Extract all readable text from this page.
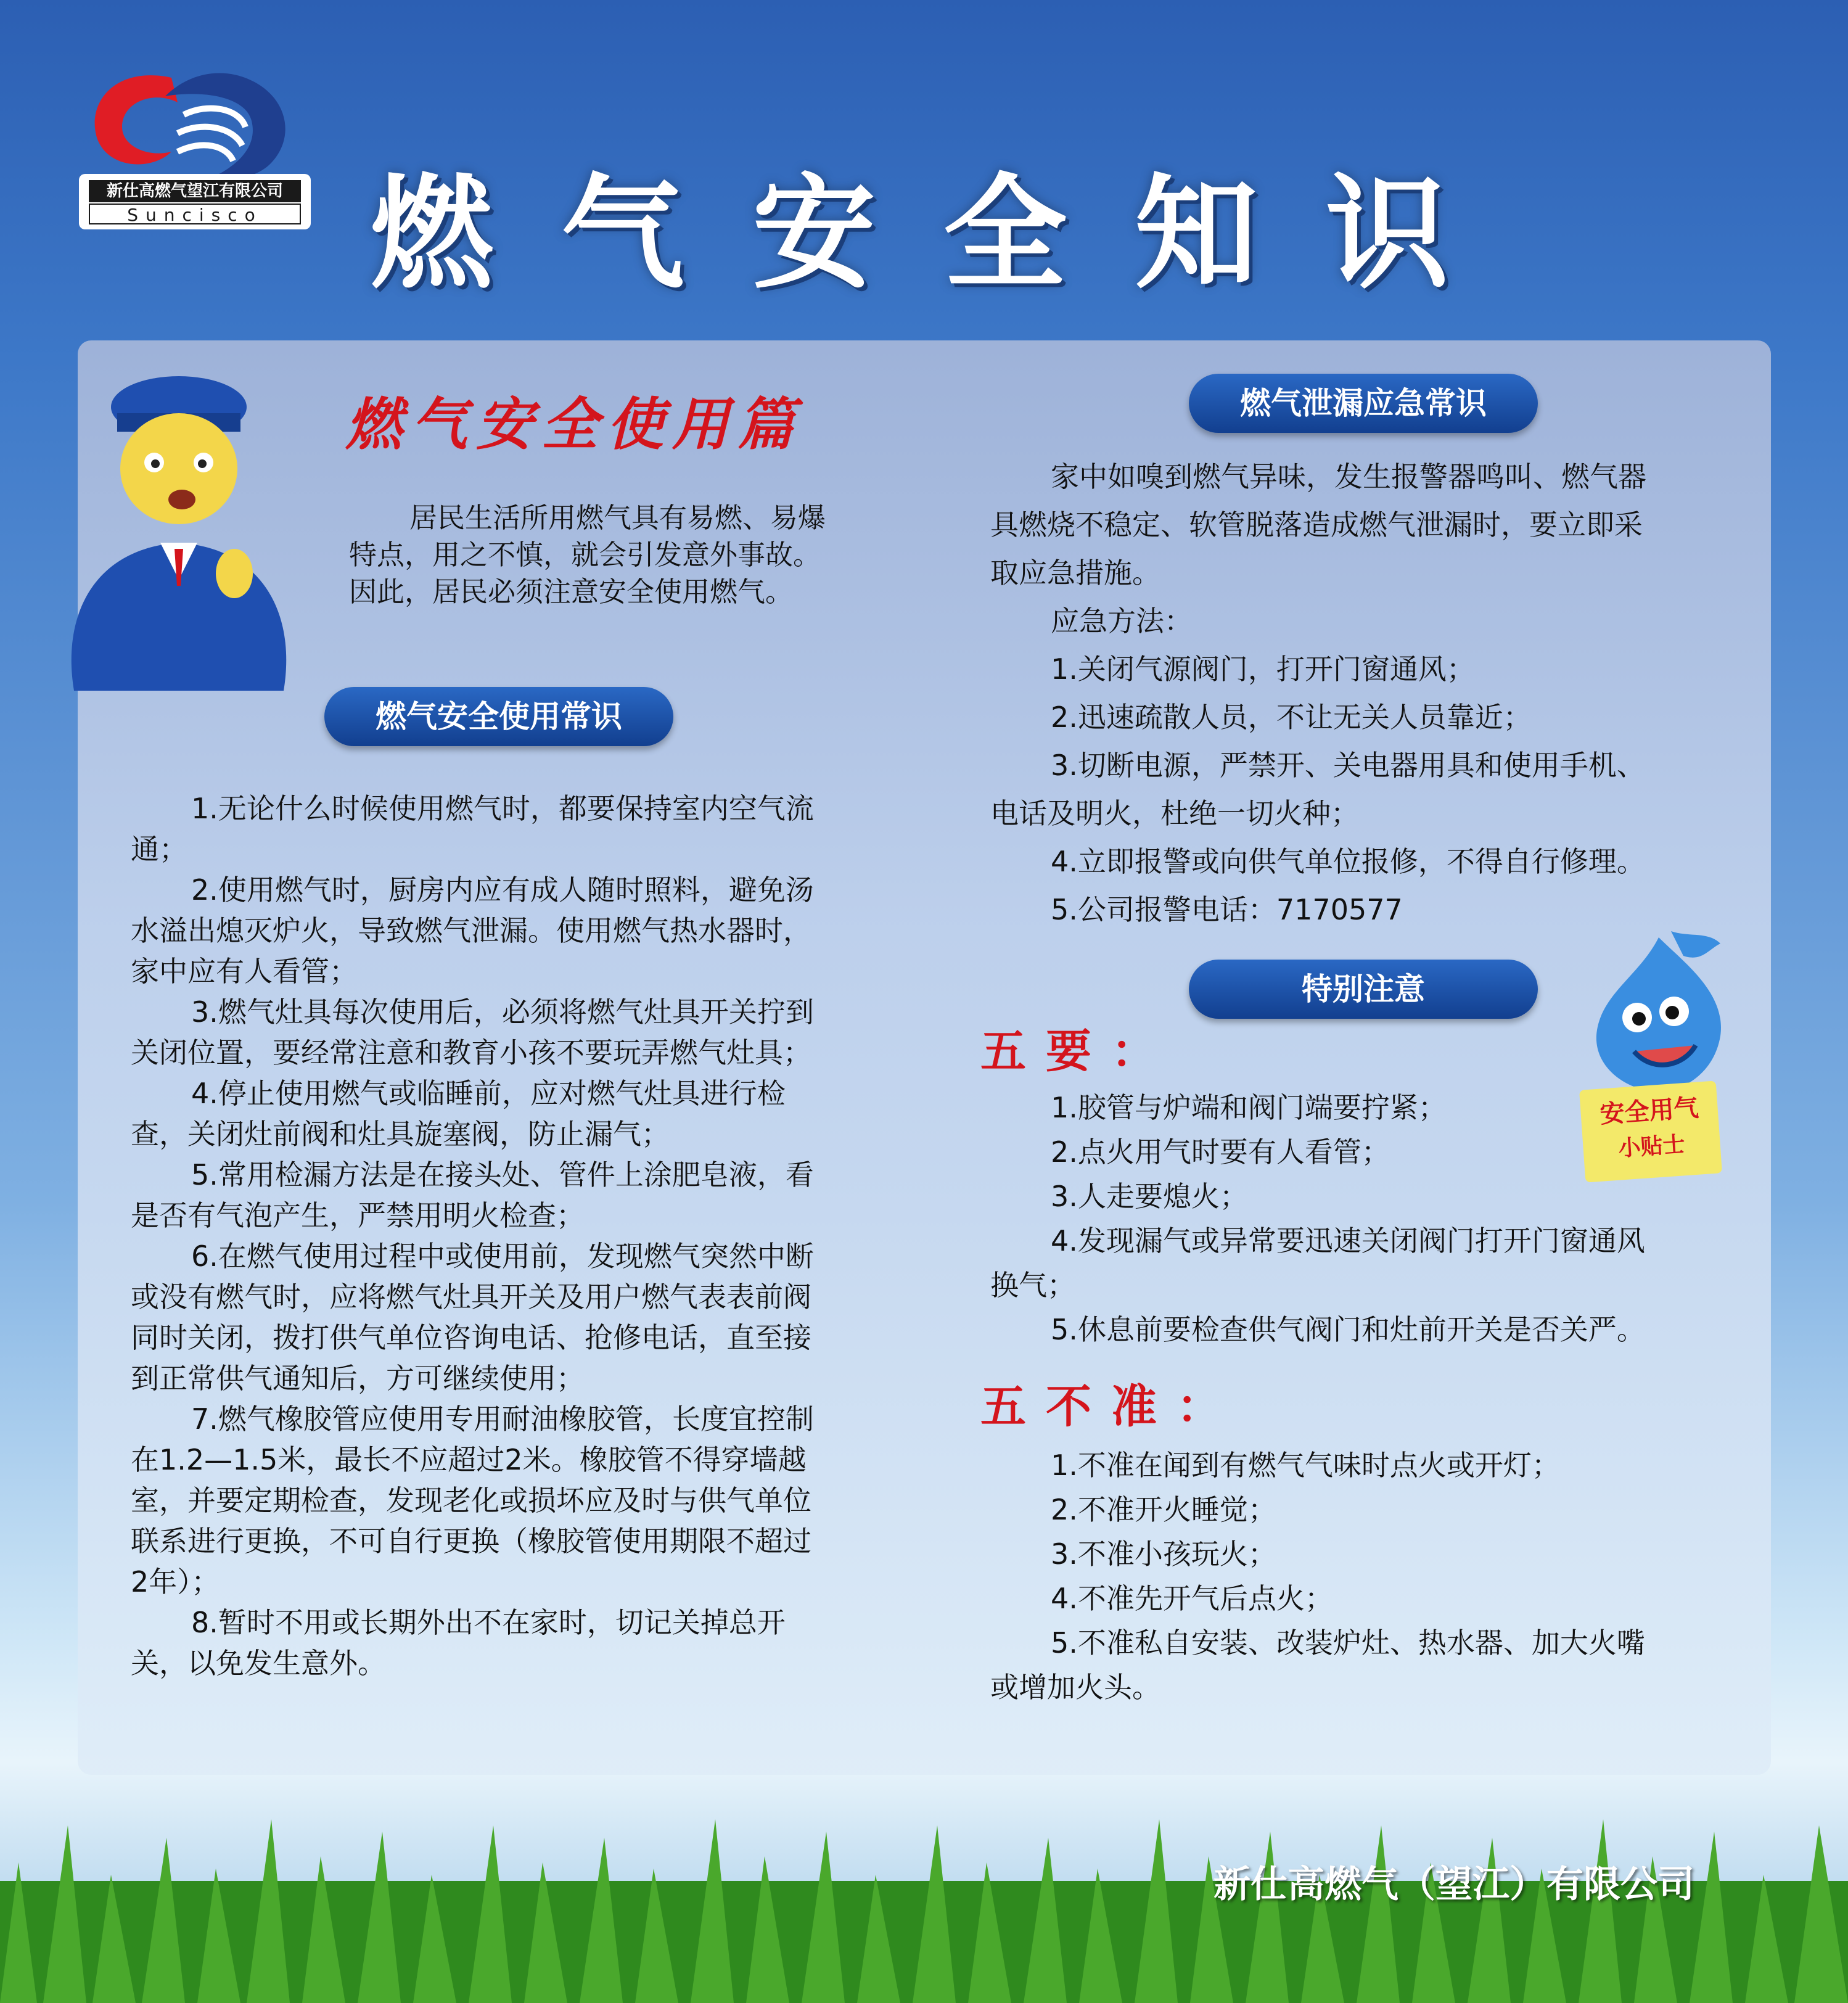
新仕高燃气望江有限公司
Suncisco 燃气安全知识
燃气安全使用篇

居民生活所用燃气具有易燃、易爆

特点，用之不慎，就会引发意外事故。

因此，居民必须注意安全使用燃气。

燃气安全使用常识

1.无论什么时候使用燃气时，都要保持室内空气流

通；

2.使用燃气时，厨房内应有成人随时照料，避免汤

水溢出熄灭炉火，导致燃气泄漏。使用燃气热水器时，

家中应有人看管；

3.燃气灶具每次使用后，必须将燃气灶具开关拧到

关闭位置，要经常注意和教育小孩不要玩弄燃气灶具；

4.停止使用燃气或临睡前，应对燃气灶具进行检

查，关闭灶前阀和灶具旋塞阀，防止漏气；

5.常用检漏方法是在接头处、管件上涂肥皂液，看

是否有气泡产生，严禁用明火检查；

6.在燃气使用过程中或使用前，发现燃气突然中断

或没有燃气时，应将燃气灶具开关及用户燃气表表前阀

同时关闭，拨打供气单位咨询电话、抢修电话，直至接

到正常供气通知后，方可继续使用；

7.燃气橡胶管应使用专用耐油橡胶管，长度宜控制

在1.2—1.5米，最长不应超过2米。橡胶管不得穿墙越

室，并要定期检查，发现老化或损坏应及时与供气单位

联系进行更换，不可自行更换（橡胶管使用期限不超过

2年）；

8.暂时不用或长期外出不在家时，切记关掉总开

关，以免发生意外。

燃气泄漏应急常识

家中如嗅到燃气异味，发生报警器鸣叫、燃气器

具燃烧不稳定、软管脱落造成燃气泄漏时，要立即采

取应急措施。

应急方法：

1.关闭气源阀门，打开门窗通风；

2.迅速疏散人员，不让无关人员靠近；

3.切断电源，严禁开、关电器用具和使用手机、

电话及明火，杜绝一切火种；

4.立即报警或向供气单位报修，不得自行修理。

5.公司报警电话：7170577

特别注意
五要：

1.胶管与炉端和阀门端要拧紧；

2.点火用气时要有人看管；

3.人走要熄火；

4.发现漏气或异常要迅速关闭阀门打开门窗通风

换气；

5.休息前要检查供气阀门和灶前开关是否关严。

五不准：

1.不准在闻到有燃气气味时点火或开灯；

2.不准开火睡觉；

3.不准小孩玩火；

4.不准先开气后点火；

5.不准私自安装、改装炉灶、热水器、加大火嘴

或增加火头。

安全用气
小贴士
新仕高燃气（望江）有限公司
